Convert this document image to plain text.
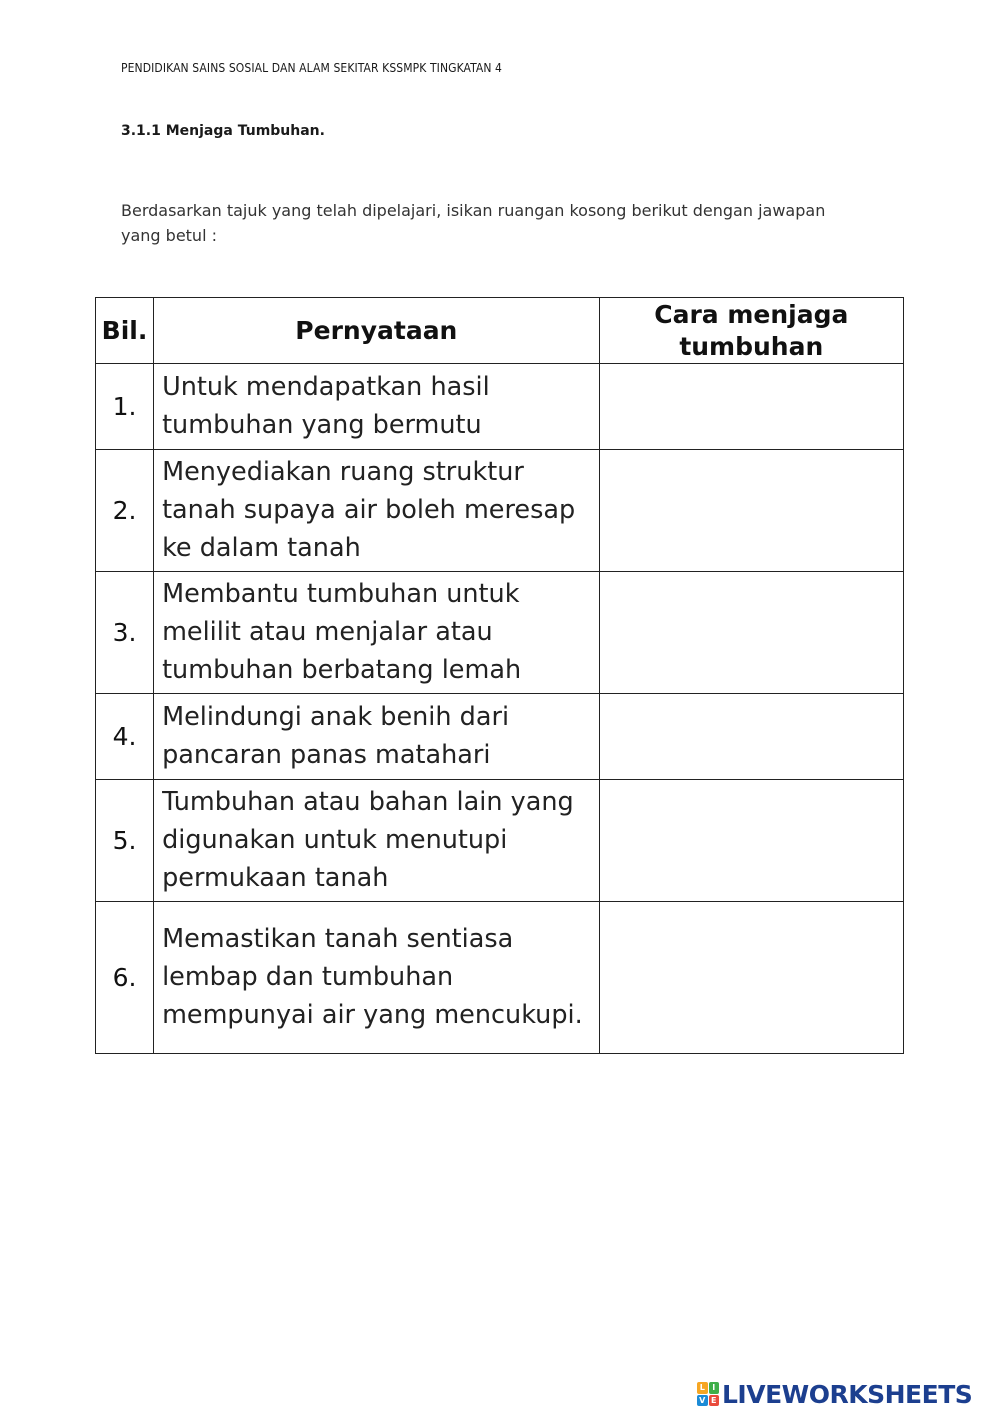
PENDIDIKAN SAINS SOSIAL DAN ALAM SEKITAR KSSMPK TINGKATAN 4
3.1.1 Menjaga Tumbuhan.
Berdasarkan tajuk yang telah dipelajari, isikan ruangan kosong berikut dengan jawapan yang betul :
Bil.	Pernyataan	Cara menjaga tumbuhan
1.	Untuk mendapatkan hasil tumbuhan yang bermutu	
2.	Menyediakan ruang struktur tanah supaya air boleh meresap ke dalam tanah	
3.	Membantu tumbuhan untuk melilit atau menjalar atau tumbuhan berbatang lemah	
4.	Melindungi anak benih dari pancaran panas matahari	
5.	Tumbuhan atau bahan lain yang digunakan untuk menutupi permukaan tanah	
6.	Memastikan tanah sentiasa lembap dan tumbuhan mempunyai air yang mencukupi.	
L I
V E LIVEWORKSHEETS
